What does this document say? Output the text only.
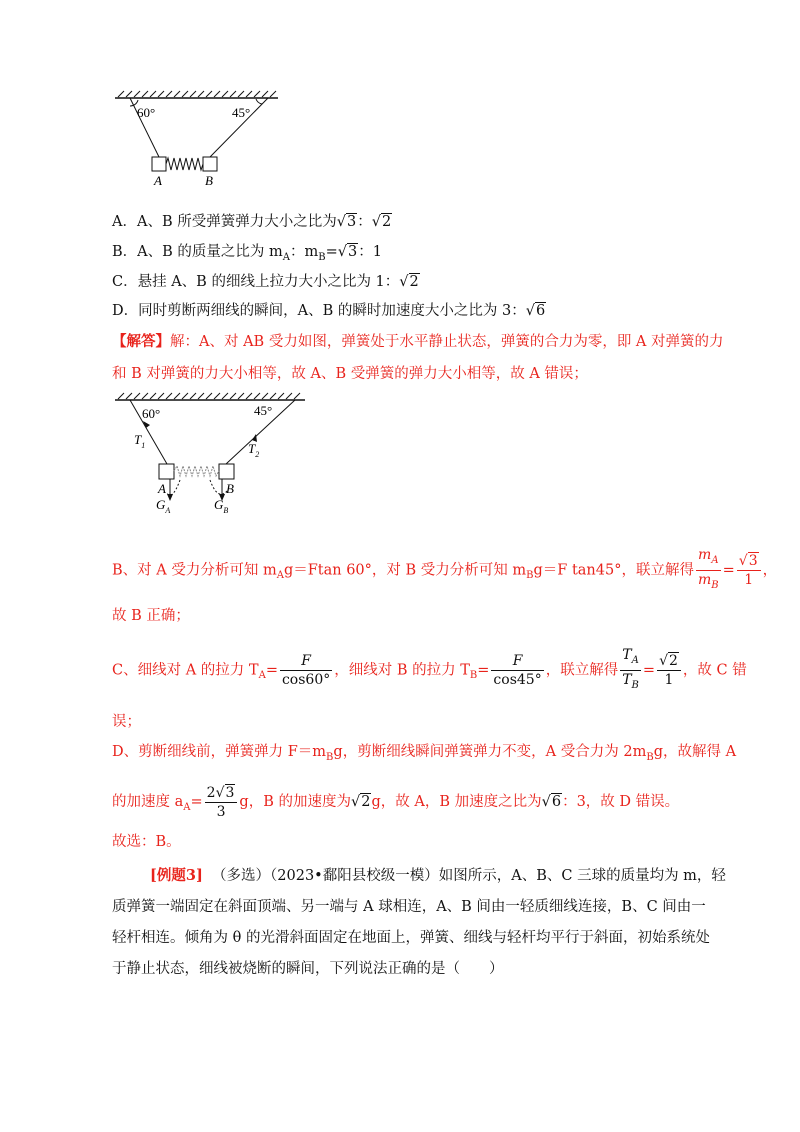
60°	45°
A	B
A．A、B 所受弹簧弹力大小之比为√3：√2
B．A、B 的质量之比为 $m_A$：$m_B=√3$：1
C．悬挂 A、B 的细线上拉力大小之比为 1：√2
D．同时剪断两细线的瞬间，A、B 的瞬时加速度大小之比为 3：√6
【解答】解：A、对 AB 受力如图，弹簧处于水平静止状态，弹簧的合力为零，即 A 对弹簧的力
和 B 对弹簧的力大小相等，故 A、B 受弹簧的弹力大小相等，故 A 错误；
60°	45°
$T_1$	$T_2$
A	B
$G_A$	$G_B$
B、对 A 受力分析可知 $m_Ag=Ftan$ 60°，对 B 受力分析可知 $m_Bg=F$ tan45°，联立解得 $\frac{m_A}{m_B} = \frac{√3}{1}$ ，
故 B 正确；
C、细线对 A 的拉力 $T_A= \frac{F}{\cos 60^\circ}$ ，细线对 B 的拉力 $T_B= \frac{F}{\cos 45^\circ}$ ，联立解得 $\frac{T_A}{T_B} = \frac{√2}{1}$ ，故 C 错
误；
D、剪断细线前，弹簧弹力 $F=m_Bg$，剪断细线瞬间弹簧弹力不变，A 受合力为 $2m_Bg$，故解得 A
的加速度 $a_A= \frac{2√3}{3}$ g，B 的加速度为√2g，故 A，B 加速度之比为√6：3，故 D 错误。
故选：B。
[例题3] （多选）（2023•鄱阳县校级一模）如图所示，A、B、C 三球的质量均为 m，轻
质弹簧一端固定在斜面顶端、另一端与 A 球相连，A、B 间由一轻质细线连接，B、C 间由一
轻杆相连。倾角为 θ 的光滑斜面固定在地面上，弹簧、细线与轻杆均平行于斜面，初始系统处
于静止状态，细线被烧断的瞬间，下列说法正确的是（　　）
